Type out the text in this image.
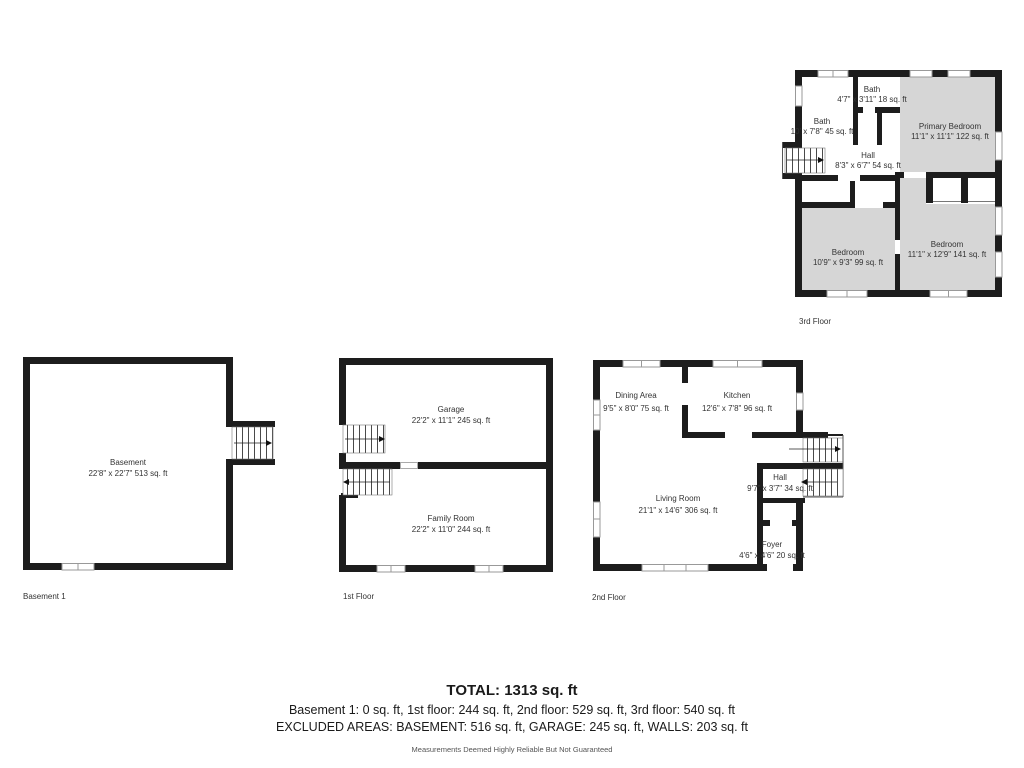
Bath
4'7" x 3'11" 18 sq. ft
Bath
10' x 7'8" 45 sq. ft
Hall
8'3" x 6'7" 54 sq. ft
Primary Bedroom
11'1" x 11'1" 122 sq. ft
Bedroom
10'9" x 9'3" 99 sq. ft
Bedroom
11'1" x 12'9" 141 sq. ft
3rd Floor
Basement
22'8" x 22'7" 513 sq. ft
Basement 1
Garage
22'2" x 11'1" 245 sq. ft
Family Room
22'2" x 11'0" 244 sq. ft
1st Floor
Dining Area
9'5" x 8'0" 75 sq. ft
Kitchen
12'6" x 7'8" 96 sq. ft
Living Room
21'1" x 14'6" 306 sq. ft
Hall
9'7" x 3'7" 34 sq. ft
Foyer
4'6" x 4'6" 20 sq. ft
2nd Floor

TOTAL: 1313 sq. ft

Basement 1: 0 sq. ft, 1st floor: 244 sq. ft, 2nd floor: 529 sq. ft, 3rd floor: 540 sq. ft

EXCLUDED AREAS: BASEMENT: 516 sq. ft, GARAGE: 245 sq. ft, WALLS: 203 sq. ft

Measurements Deemed Highly Reliable But Not Guaranteed
